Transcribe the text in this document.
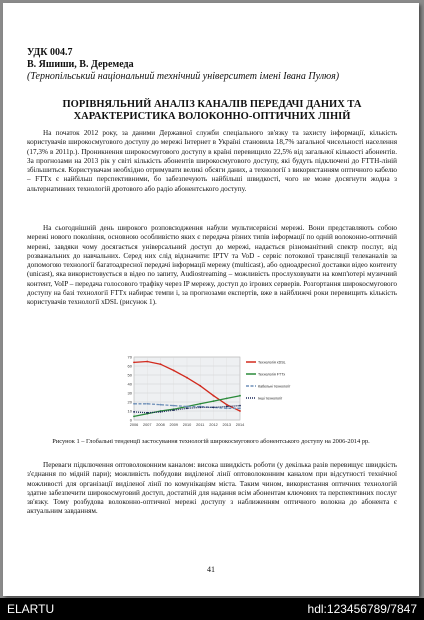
УДК 004.7
В. Яшиши, В. Деремеда
(Тернопільський національний технічний університет імені Івана Пулюя)
ПОРІВНЯЛЬНИЙ АНАЛІЗ КАНАЛІВ ПЕРЕДАЧІ ДАНИХ ТА ХАРАКТЕРИСТИКА ВОЛОКОННО-ОПТИЧНИХ ЛІНІЙ
На початок 2012 року, за даними Державної служби спеціального зв'язку та захисту інформації, кількість користувачів широкосмугового доступу до мережі Інтернет в Україні становила 18,7% загальної чисельності населення (17,3% в 2011р.). Проникнення широкосмугового доступу в країні перевищило 22,5% від загальної кількості абонентів. За прогнозами на 2013 рік у світі кількість абонентів широкосмугового доступу, які будуть підключені до FTTH-ліній збільшиться. Користувачам необхідно отримувати великі обсяги даних, а технології з використанням оптичного кабелю – FTTх є найбільш перспективними, бо забезпечують найбільші швидкості, чого не може досягнути жодна з альтернативних технологій дротового або радіо абонентського доступу.
На сьогоднішній день широкого розповсюдження набули мультисервісні мережі. Вони представляють собою мережі нового покоління, основною особливістю яких є передача різних типів інформації по одній волоконно-оптичній мережі, завдяки чому досягається універсальний доступ до мережі, надається різноманітний спектр послуг, від розважальних до навчальних. Серед них слід відзначити: IPTV та VoD - сервіс потокової трансляції телеканалів за допомогою технології багатоадресної передачі інформації мережу (multicast), або одноадресної доставки відео контенту (unicast), яка використовується в відео по запиту, Audiostreaming – можливість прослуховувати на комп'ютері музичний контент, VoIP – передача голосового трафіку через IP мережу, доступ до ігрових серверів. Розгортання широкосмугового доступу на базі технології FTTх набирає темпи і, за прогнозами експертів, вже в найближчі роки перевищить кількість користувачів технології xDSL (рисунок 1).
0
10
20
30
40
50
60
70
2006 2007 2008 2009 2010 2011 2012 2013 2014
Технологія xDSL
Технологія FTTх
Кабельні технології
Інші технології
Рисунок 1 – Глобальні тенденції застосування технологій широкосмугового абонентського доступу на 2006-2014 рр.
Переваги підключення оптоволоконним каналом: висока швидкість роботи (у декілька разів перевищує швидкість з'єднання по мідній пари); можливість побудови виділеної лінії оптоволоконним каналом при відсутності технічної можливості для організації виділеної лінії по комунікаціям міста. Таким чином, використання оптичних технологій здатне забезпечити широкосмуговий доступ, достатній для надання всім абонентам ключових та перспективних послуг зв'язку. Тому розбудова волоконно-оптичної мережі доступу з наближенням оптичного волокна до абонента є актуальним завданням.
41
ELARTU	hdl:123456789/7847
